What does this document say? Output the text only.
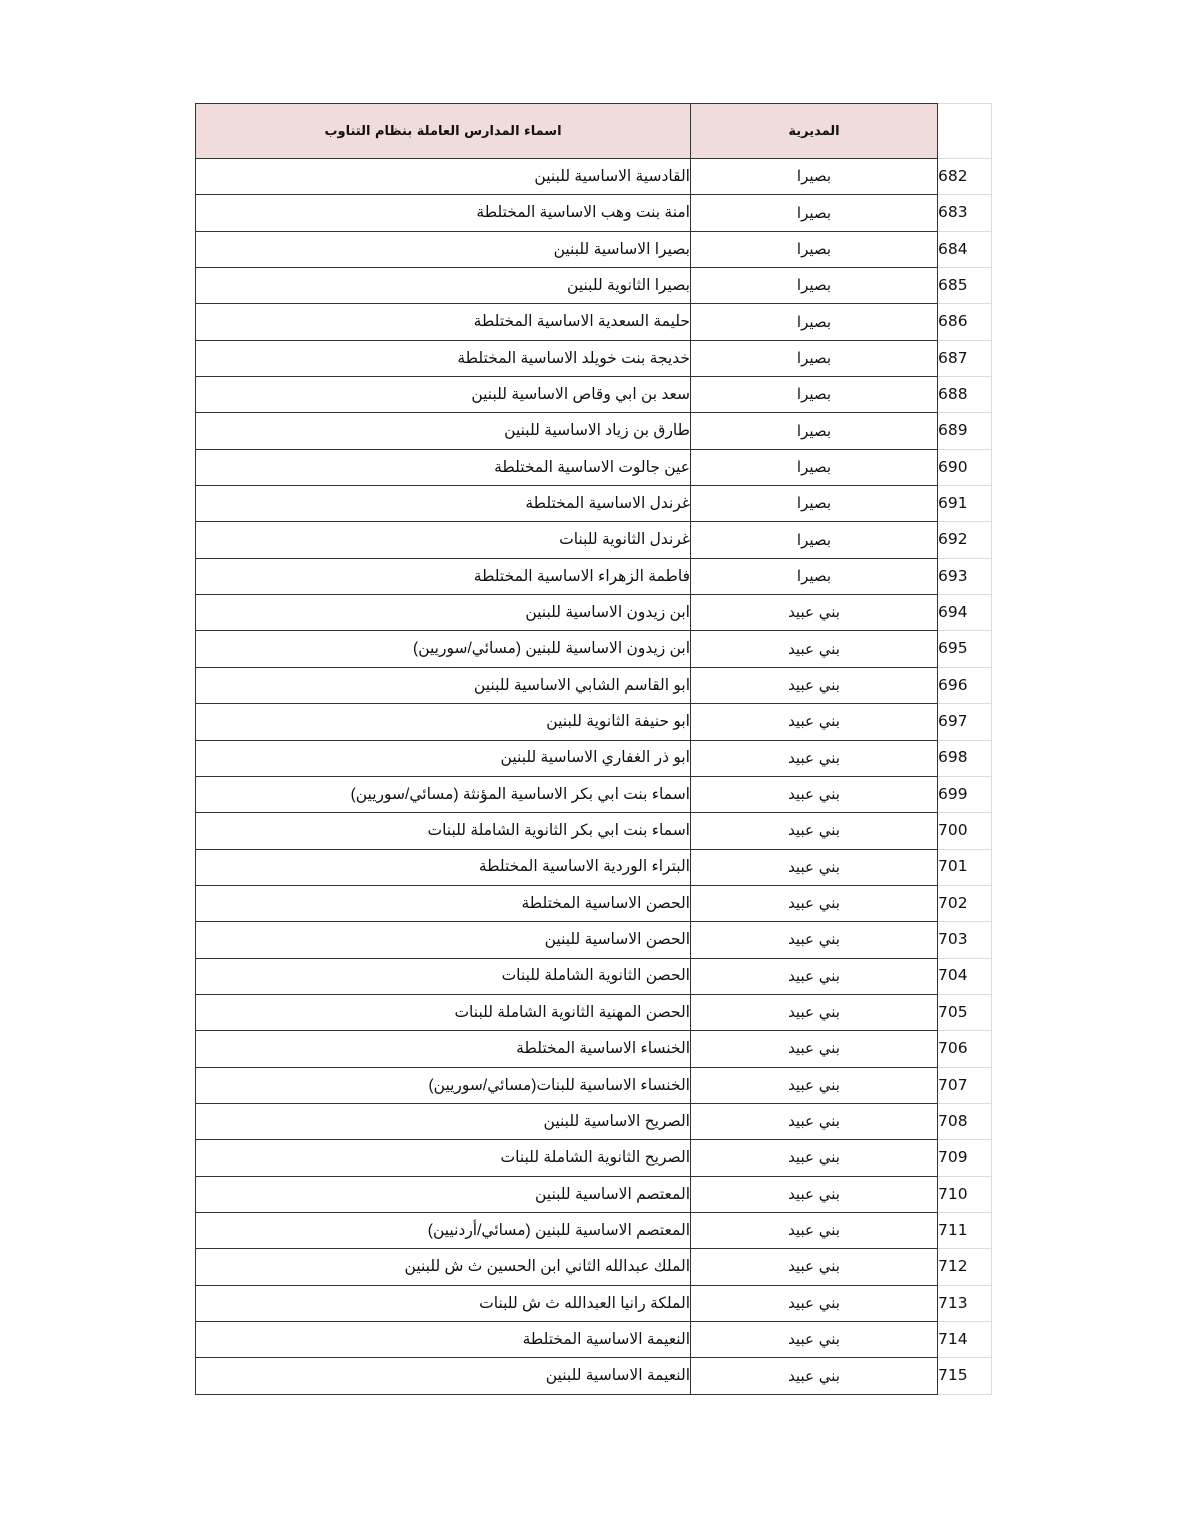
اسماء المدارس العاملة بنظام التناوب	المديرية	
القادسية الاساسية للبنين	بصيرا	682
امنة بنت وهب الاساسية المختلطة	بصيرا	683
بصيرا الاساسية للبنين	بصيرا	684
بصيرا الثانوية للبنين	بصيرا	685
حليمة السعدية الاساسية المختلطة	بصيرا	686
خديجة بنت خويلد الاساسية المختلطة	بصيرا	687
سعد بن ابي وقاص الاساسية للبنين	بصيرا	688
طارق بن زياد الاساسية للبنين	بصيرا	689
عين جالوت الاساسية المختلطة	بصيرا	690
غرندل الاساسية المختلطة	بصيرا	691
غرندل الثانوية للبنات	بصيرا	692
فاطمة الزهراء الاساسية المختلطة	بصيرا	693
ابن زيدون الاساسية للبنين	بني عبيد	694
ابن زيدون الاساسية للبنين (مسائي/سوريين)	بني عبيد	695
ابو القاسم الشابي الاساسية للبنين	بني عبيد	696
ابو حنيفة الثانوية للبنين	بني عبيد	697
ابو ذر الغفاري الاساسية للبنين	بني عبيد	698
اسماء بنت ابي بكر الاساسية المؤنثة (مسائي/سوريين)	بني عبيد	699
اسماء بنت ابي بكر الثانوية الشاملة للبنات	بني عبيد	700
البتراء الوردية الاساسية المختلطة	بني عبيد	701
الحصن الاساسية المختلطة	بني عبيد	702
الحصن الاساسية للبنين	بني عبيد	703
الحصن الثانوية الشاملة للبنات	بني عبيد	704
الحصن المهنية الثانوية الشاملة للبنات	بني عبيد	705
الخنساء الاساسية المختلطة	بني عبيد	706
الخنساء الاساسية للبنات(مسائي/سوريين)	بني عبيد	707
الصريح الاساسية للبنين	بني عبيد	708
الصريح الثانوية الشاملة للبنات	بني عبيد	709
المعتصم الاساسية للبنين	بني عبيد	710
المعتصم الاساسية للبنين (مسائي/أردنيين)	بني عبيد	711
الملك عبدالله الثاني ابن الحسين ث ش للبنين	بني عبيد	712
الملكة رانيا العبدالله ث ش للبنات	بني عبيد	713
النعيمة الاساسية المختلطة	بني عبيد	714
النعيمة الاساسية للبنين	بني عبيد	715
